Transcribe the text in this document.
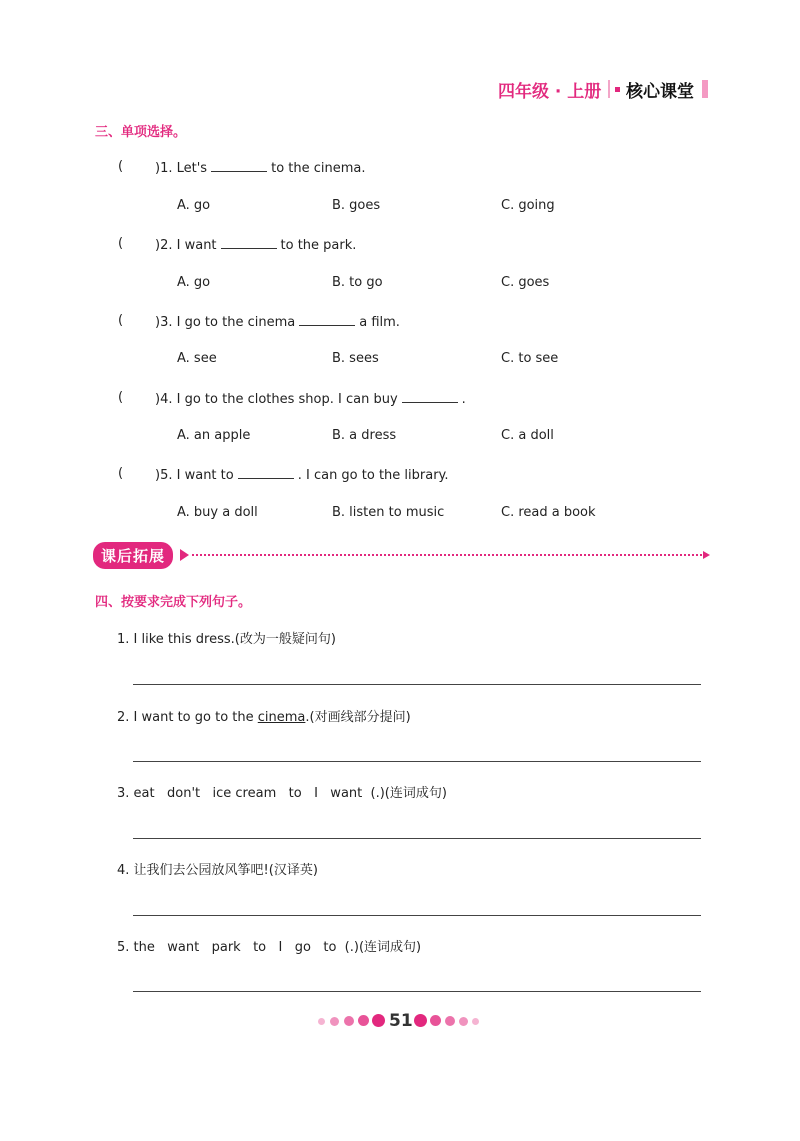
四年级 · 上册 核心课堂
三、单项选择。
( )1. Let's	to the cinema.
A. go	B. goes	C. going
( )2. I want	to the park.
A. go	B. to go	C. goes
( )3. I go to the cinema	a film.
A. see	B. sees	C. to see
( )4. I go to the clothes shop. I can buy	.
A. an apple	B. a dress	C. a doll
( )5. I want to	. I can go to the library.
A. buy a doll	B. listen to music	C. read a book
课后拓展
四、按要求完成下列句子。
1. I like this dress.(改为一般疑问句)
2. I want to go to the cinema.(对画线部分提问)
3. eat   don't   ice cream   to   I   want  (.)(连词成句)
4. 让我们去公园放风筝吧!(汉译英)
5. the   want   park   to   I   go   to  (.)(连词成句)
51
